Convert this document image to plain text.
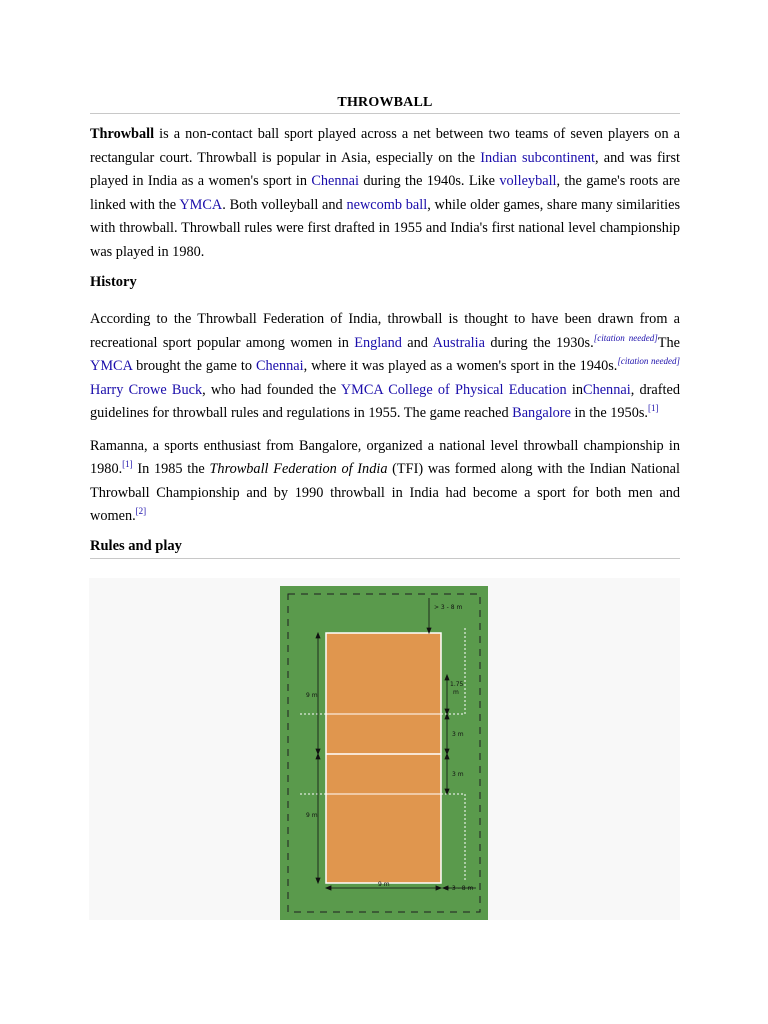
THROWBALL

Throwball is a non-contact ball sport played across a net between two teams of seven players on a rectangular court. Throwball is popular in Asia, especially on the Indian subcontinent, and was first played in India as a women's sport in Chennai during the 1940s. Like volleyball, the game's roots are linked with the YMCA. Both volleyball and newcomb ball, while older games, share many similarities with throwball. Throwball rules were first drafted in 1955 and India's first national level championship was played in 1980.

History

According to the Throwball Federation of India, throwball is thought to have been drawn from a recreational sport popular among women in England and Australia during the 1930s.[citation needed]The YMCA brought the game to Chennai, where it was played as a women's sport in the 1940s.[citation needed] Harry Crowe Buck, who had founded the YMCA College of Physical Education inChennai, drafted guidelines for throwball rules and regulations in 1955. The game reached Bangalore in the 1950s.[1]

Ramanna, a sports enthusiast from Bangalore, organized a national level throwball championship in 1980.[1] In 1985 the Throwball Federation of India (TFI) was formed along with the Indian National Throwball Championship and by 1990 throwball in India had become a sport for both men and women.[2]

Rules and play
> 3 - 8 m
> 3 - 8 m
9 m
9 m
9 m
3 m
3 m
1.75
m
